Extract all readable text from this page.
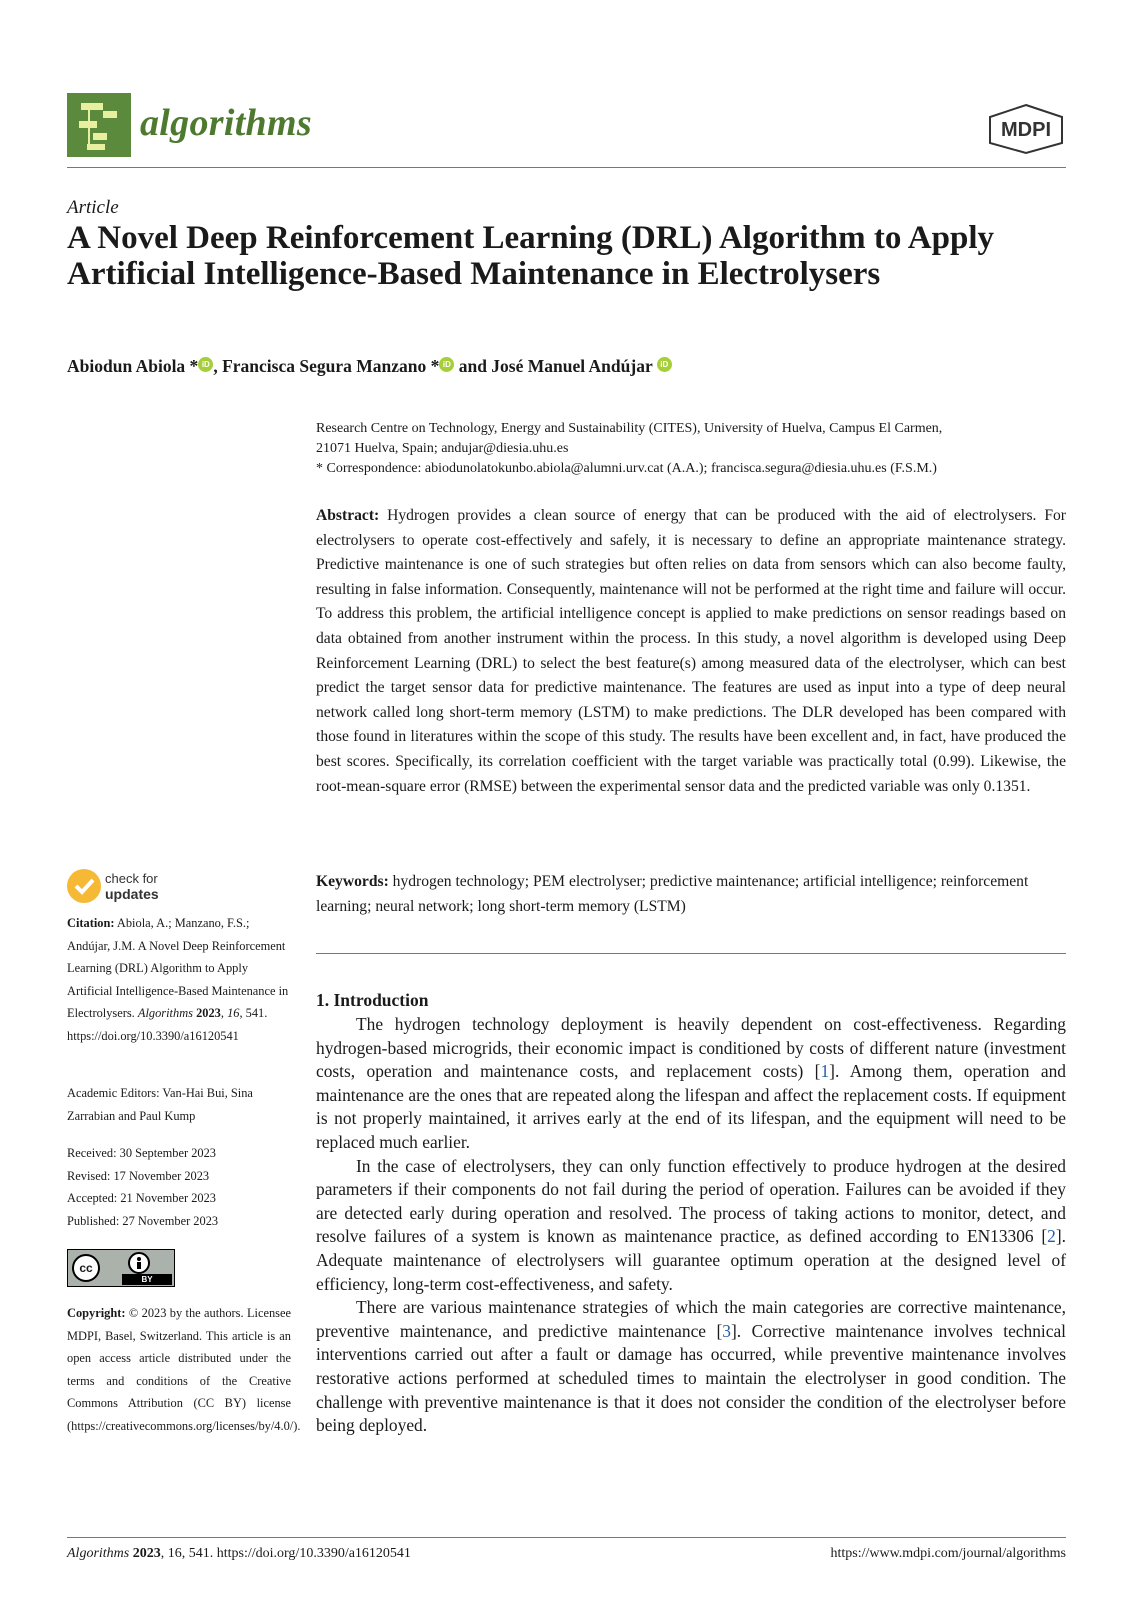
algorithms	MDPI
Article
A Novel Deep Reinforcement Learning (DRL) Algorithm to Apply Artificial Intelligence-Based Maintenance in Electrolysers
Abiodun Abiola * iD , Francisca Segura Manzano * iD and José Manuel Andújar iD

Research Centre on Technology, Energy and Sustainability (CITES), University of Huelva, Campus El Carmen,

21071 Huelva, Spain; andujar@diesia.uhu.es

* Correspondence: abiodunolatokunbo.abiola@alumni.urv.cat (A.A.); francisca.segura@diesia.uhu.es (F.S.M.)
Abstract: Hydrogen provides a clean source of energy that can be produced with the aid of electrolysers. For electrolysers to operate cost-effectively and safely, it is necessary to define an appropriate maintenance strategy. Predictive maintenance is one of such strategies but often relies on data from sensors which can also become faulty, resulting in false information. Consequently, maintenance will not be performed at the right time and failure will occur. To address this problem, the artificial intelligence concept is applied to make predictions on sensor readings based on data obtained from another instrument within the process. In this study, a novel algorithm is developed using Deep Reinforcement Learning (DRL) to select the best feature(s) among measured data of the electrolyser, which can best predict the target sensor data for predictive maintenance. The features are used as input into a type of deep neural network called long short-term memory (LSTM) to make predictions. The DLR developed has been compared with those found in literatures within the scope of this study. The results have been excellent and, in fact, have produced the best scores. Specifically, its correlation coefficient with the target variable was practically total (0.99). Likewise, the root-mean-square error (RMSE) between the experimental sensor data and the predicted variable was only 0.1351.
Keywords: hydrogen technology; PEM electrolyser; predictive maintenance; artificial intelligence; reinforcement learning; neural network; long short-term memory (LSTM)
1. Introduction

The hydrogen technology deployment is heavily dependent on cost-effectiveness. Regarding hydrogen-based microgrids, their economic impact is conditioned by costs of different nature (investment costs, operation and maintenance costs, and replacement costs) [1]. Among them, operation and maintenance are the ones that are repeated along the lifespan and affect the replacement costs. If equipment is not properly maintained, it arrives early at the end of its lifespan, and the equipment will need to be replaced much earlier.

In the case of electrolysers, they can only function effectively to produce hydrogen at the desired parameters if their components do not fail during the period of operation. Failures can be avoided if they are detected early during operation and resolved. The process of taking actions to monitor, detect, and resolve failures of a system is known as maintenance practice, as defined according to EN13306 [2]. Adequate maintenance of electrolysers will guarantee optimum operation at the designed level of efficiency, long-term cost-effectiveness, and safety.

There are various maintenance strategies of which the main categories are corrective maintenance, preventive maintenance, and predictive maintenance [3]. Corrective maintenance involves technical interventions carried out after a fault or damage has occurred, while preventive maintenance involves restorative actions performed at scheduled times to maintain the electrolyser in good condition. The challenge with preventive maintenance is that it does not consider the condition of the electrolyser before being deployed.

check for
updates
Citation: Abiola, A.; Manzano, F.S.; Andújar, J.M. A Novel Deep Reinforcement Learning (DRL) Algorithm to Apply Artificial Intelligence-Based Maintenance in Electrolysers. Algorithms 2023, 16, 541. https://doi.org/10.3390/a16120541
Academic Editors: Van-Hai Bui, Sina Zarrabian and Paul Kump
Received: 30 September 2023
Revised: 17 November 2023
Accepted: 21 November 2023
Published: 27 November 2023
cc
BY
Copyright: © 2023 by the authors. Licensee MDPI, Basel, Switzerland. This article is an open access article distributed under the terms and conditions of the Creative Commons Attribution (CC BY) license (https://creativecommons.org/licenses/by/4.0/).
Algorithms 2023, 16, 541. https://doi.org/10.3390/a16120541	https://www.mdpi.com/journal/algorithms
